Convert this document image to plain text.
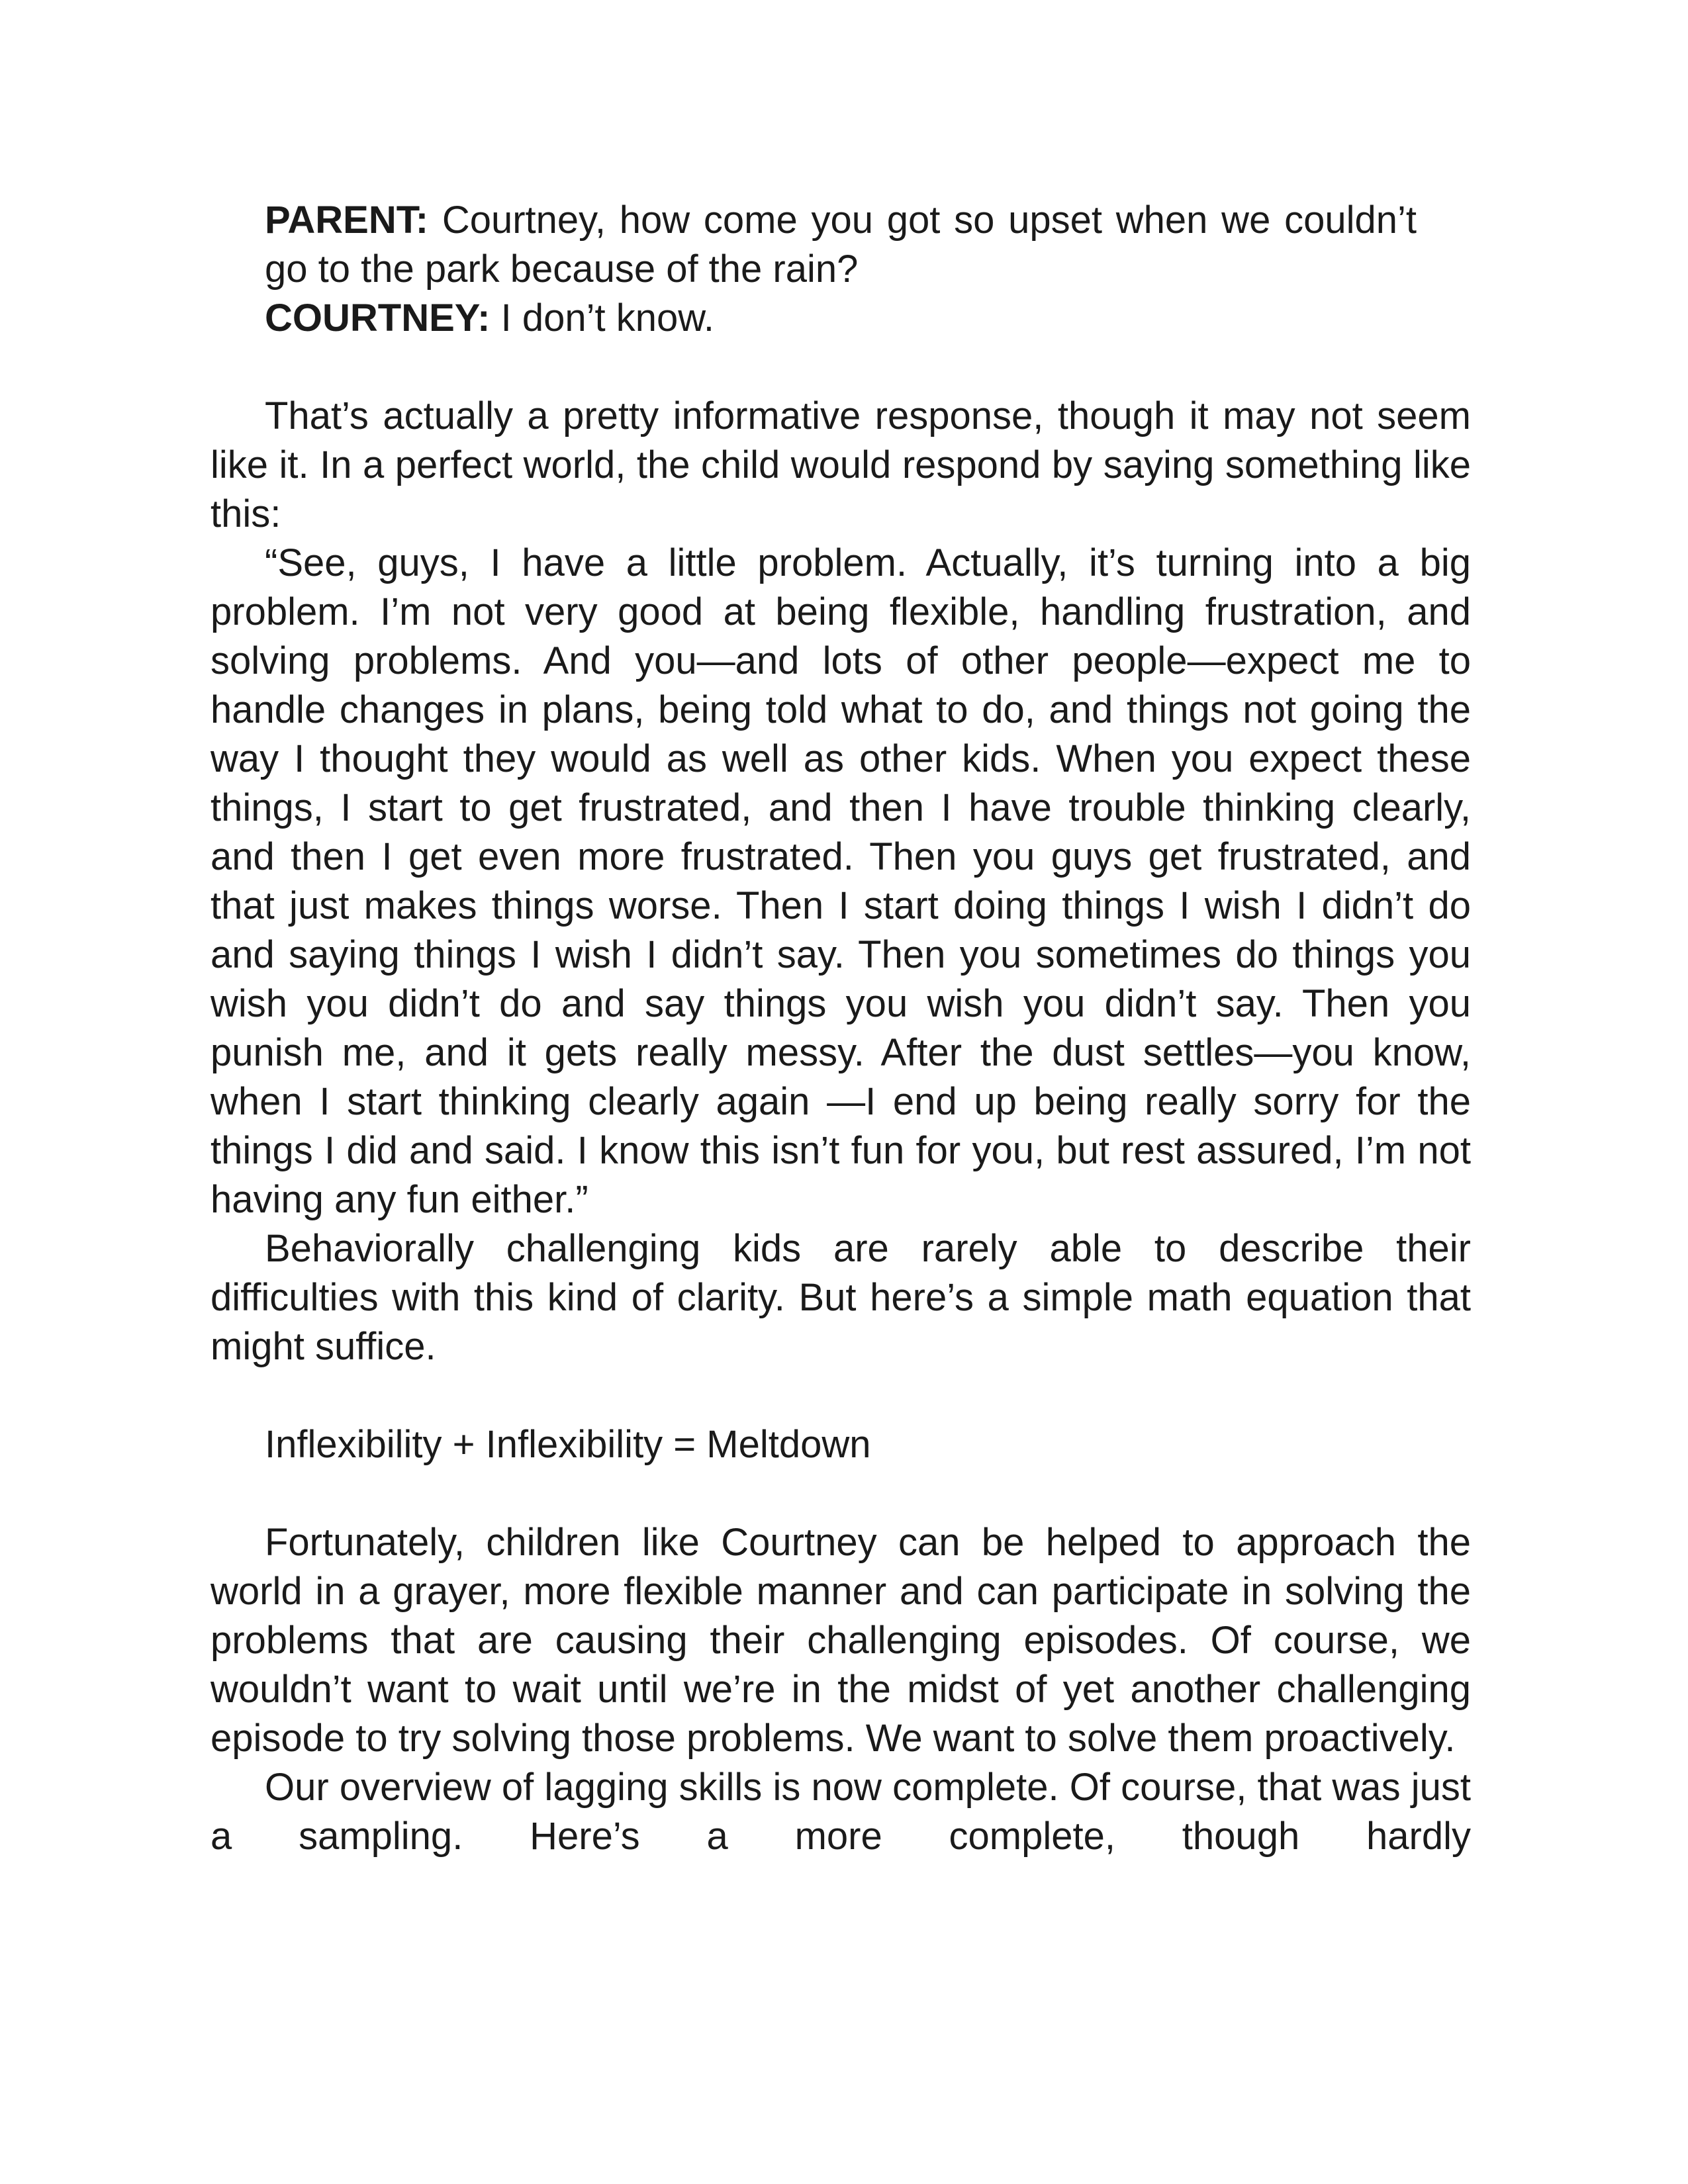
PARENT: Courtney, how come you got so upset when we couldn’t go to the park because of the rain?

COURTNEY: I don’t know.

That’s actually a pretty informative response, though it may not seem like it. In a perfect world, the child would respond by saying something like this:

“See, guys, I have a little problem. Actually, it’s turning into a big problem. I’m not very good at being flexible, handling frustration, and solving problems. And you—and lots of other people—expect me to handle changes in plans, being told what to do, and things not going the way I thought they would as well as other kids. When you expect these things, I start to get frustrated, and then I have trouble thinking clearly, and then I get even more frustrated. Then you guys get frustrated, and that just makes things worse. Then I start doing things I wish I didn’t do and saying things I wish I didn’t say. Then you sometimes do things you wish you didn’t do and say things you wish you didn’t say. Then you punish me, and it gets really messy. After the dust settles—you know, when I start thinking clearly again —I end up being really sorry for the things I did and said. I know this isn’t fun for you, but rest assured, I’m not having any fun either.”

Behaviorally challenging kids are rarely able to describe their difficulties with this kind of clarity. But here’s a simple math equation that might suffice.

Inflexibility + Inflexibility = Meltdown

Fortunately, children like Courtney can be helped to approach the world in a grayer, more flexible manner and can participate in solving the problems that are causing their challenging episodes. Of course, we wouldn’t want to wait until we’re in the midst of yet another challenging episode to try solving those problems. We want to solve them proactively.

Our overview of lagging skills is now complete. Of course, that was just a sampling. Here’s a more complete, though hardly
